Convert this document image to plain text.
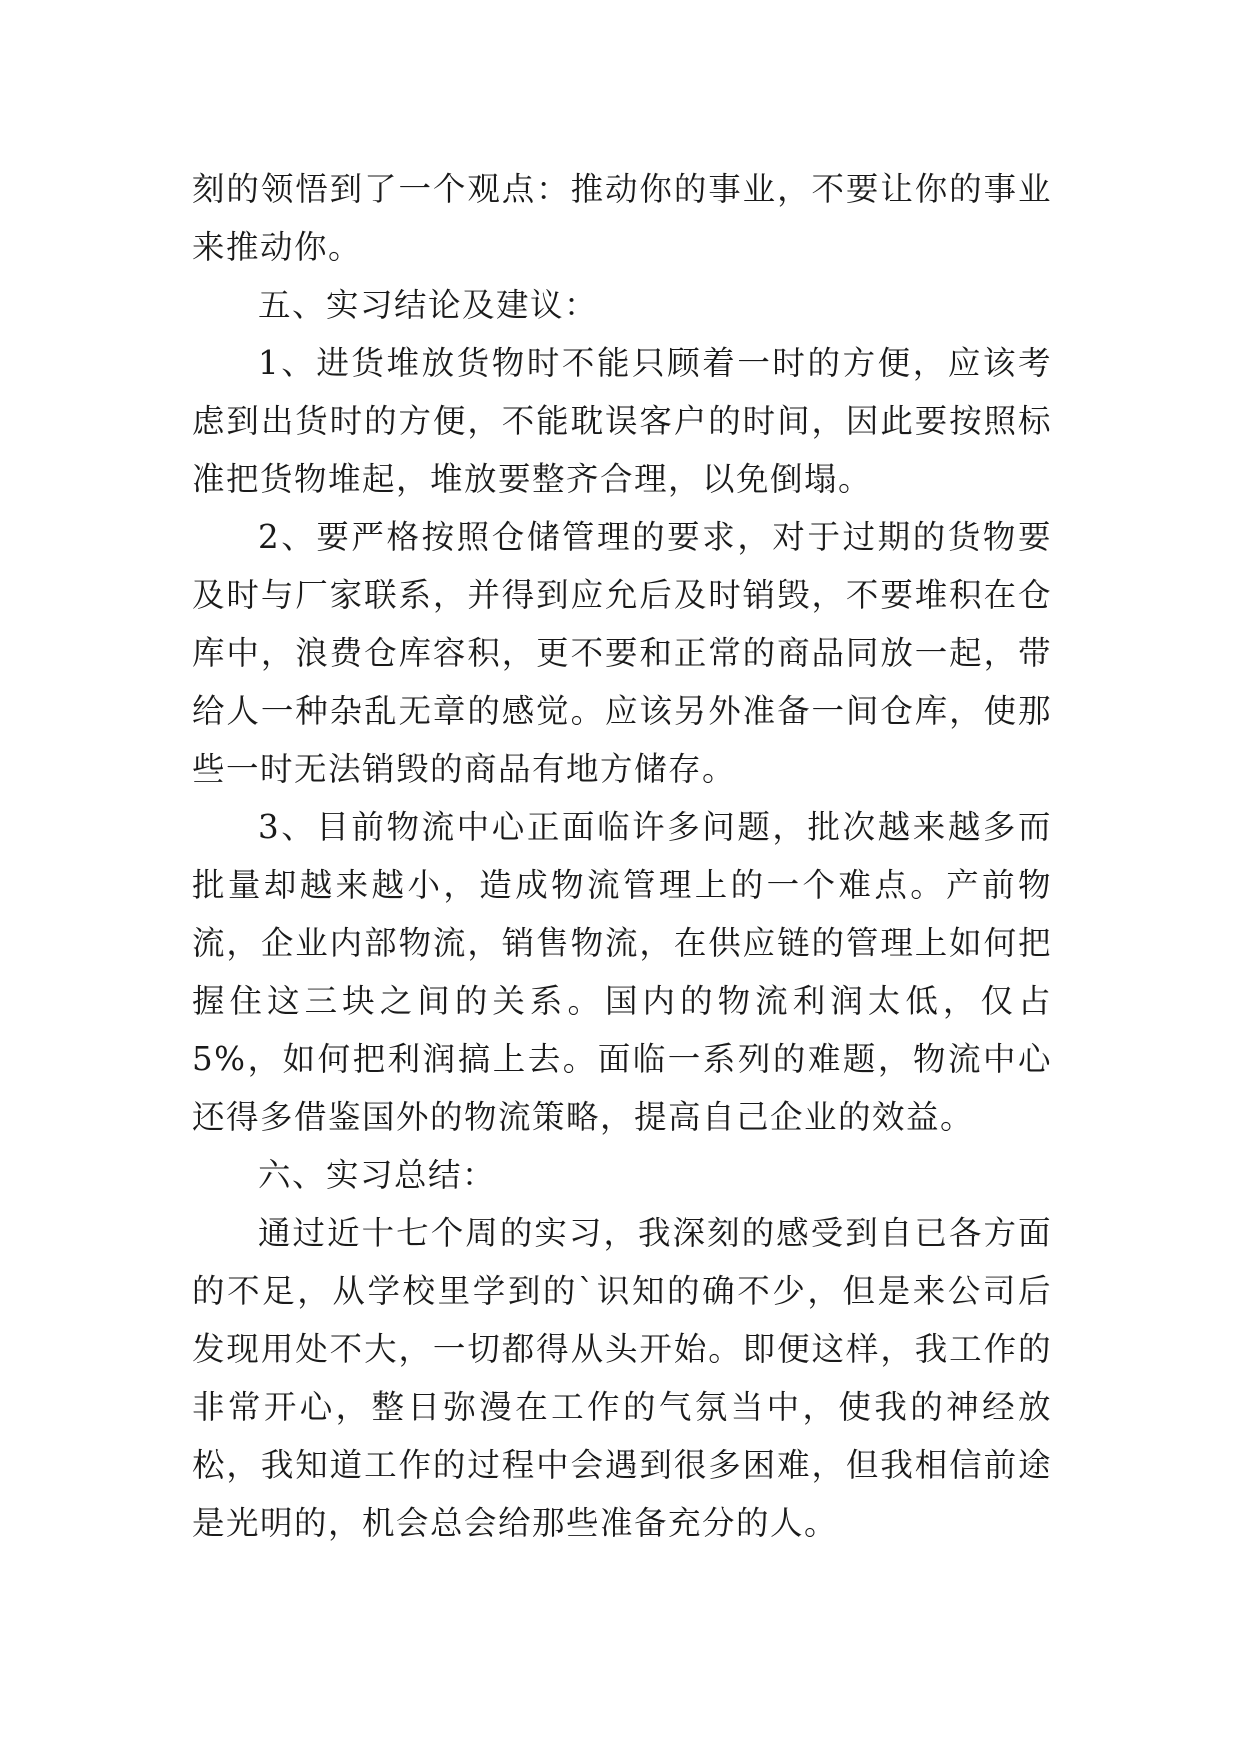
刻的领悟到了一个观点：推动你的事业，不要让你的事业来推动你。

五、实习结论及建议：

1、进货堆放货物时不能只顾着一时的方便，应该考虑到出货时的方便，不能耽误客户的时间，因此要按照标准把货物堆起，堆放要整齐合理，以免倒塌。

2、要严格按照仓储管理的要求，对于过期的货物要及时与厂家联系，并得到应允后及时销毁，不要堆积在仓库中，浪费仓库容积，更不要和正常的商品同放一起，带给人一种杂乱无章的感觉。应该另外准备一间仓库，使那些一时无法销毁的商品有地方储存。

3、目前物流中心正面临许多问题，批次越来越多而批量却越来越小，造成物流管理上的一个难点。产前物流，企业内部物流，销售物流，在供应链的管理上如何把握住这三块之间的关系。国内的物流利润太低，仅占5%，如何把利润搞上去。面临一系列的难题，物流中心还得多借鉴国外的物流策略，提高自己企业的效益。

六、实习总结：

通过近十七个周的实习，我深刻的感受到自已各方面的不足，从学校里学到的`识知的确不少，但是来公司后发现用处不大，一切都得从头开始。即便这样，我工作的非常开心，整日弥漫在工作的气氛当中，使我的神经放松，我知道工作的过程中会遇到很多困难，但我相信前途是光明的，机会总会给那些准备充分的人。
